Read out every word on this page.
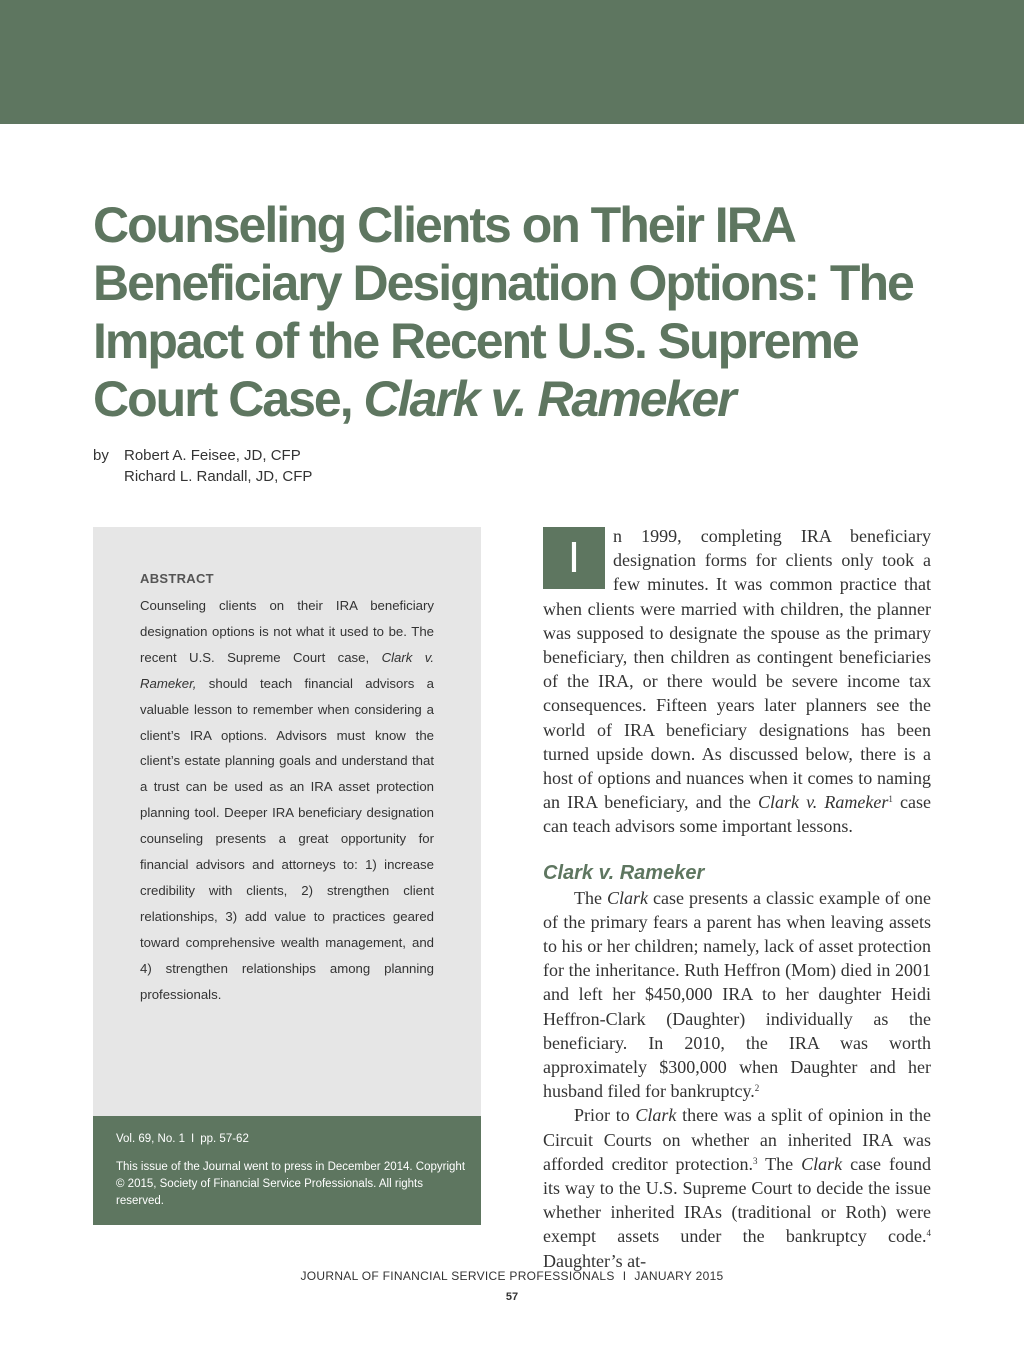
Counseling Clients on Their IRA Beneficiary Designation Options: The Impact of the Recent U.S. Supreme Court Case, Clark v. Rameker
by Robert A. Feisee, JD, CFP
Richard L. Randall, JD, CFP
ABSTRACT

Counseling clients on their IRA beneficiary designation options is not what it used to be. The recent U.S. Supreme Court case, Clark v. Rameker, should teach financial advisors a valuable lesson to remember when considering a client’s IRA options. Advisors must know the client’s estate planning goals and understand that a trust can be used as an IRA asset protection planning tool. Deeper IRA beneficiary designation counseling presents a great opportunity for financial advisors and attorneys to: 1) increase credibility with clients, 2) strengthen client relationships, 3) add value to practices geared toward comprehensive wealth management, and 4) strengthen relationships among planning professionals.

Vol. 69, No. 1 I pp. 57-62

This issue of the Journal went to press in December 2014. Copyright © 2015, Society of Financial Service Professionals. All rights reserved.

I	n 1999, completing IRA beneficiary designation forms for clients only took a few minutes. It was common practice that when clients were married with children, the planner was supposed to designate the spouse as the primary beneficiary, then children as contingent beneficiaries of the IRA, or there would be severe income tax consequences. Fifteen years later planners see the world of IRA beneficiary designations has been turned upside down. As discussed below, there is a host of options and nuances when it comes to naming an IRA beneficiary, and the Clark v. Rameker$^1$ case can teach advisors some important lessons.

Clark v. Rameker

The Clark case presents a classic example of one of the primary fears a parent has when leaving assets to his or her children; namely, lack of asset protection for the inheritance. Ruth Heffron (Mom) died in 2001 and left her $450,000 IRA to her daughter Heidi Heffron-Clark (Daughter) individually as the beneficiary. In 2010, the IRA was worth approximately $300,000 when Daughter and her husband filed for bankruptcy.$^2$

Prior to Clark there was a split of opinion in the Circuit Courts on whether an inherited IRA was afforded creditor protection.$^3$ The Clark case found its way to the U.S. Supreme Court to decide the issue whether inherited IRAs (traditional or Roth) were exempt assets under the bankruptcy code.$^4$ Daughter’s at-

JOURNAL OF FINANCIAL SERVICE PROFESSIONALS I JANUARY 2015
57
